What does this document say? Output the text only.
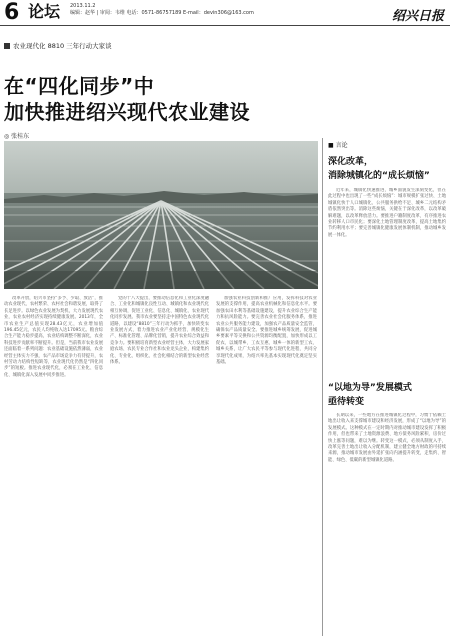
6 论坛 2013.11.2
编辑：赵华 | 审阅：韦维 电话：0571-86757189 E-mail：devin306@163.com	绍兴日报
农业现代化 8810 三年行动大家谈
在“四化同步”中
加快推进绍兴现代农业建设
◎ 张桂东
改革开放，绍兴市坚持“多予、少取、放活”，推动农业现代、农村繁荣、农村社会和谐发展，取得了长足进步。以绿色农业发展为契机，大力发展现代农业，农业农村经济实现持续健康发展。2013年，全市农业生产总值实现28.43亿元，农业增加值196.45亿元，农民人均纯收入达17095元。粮食综合生产能力稳步提高，农业结构调整不断深化，农业科技进步贡献率不断提升。但是，当前我市农业发展还面临着一系列问题：农业基础设施依然薄弱，农业经营主体实力不强，农产品市场竞争力有待提升，农村劳动力结构性短缺等，农业现代化仍然是“四化同步”的短板。推进农业现代化，必须在工业化、信息化、城镇化深入发展中同步推进。
党的十八大提出，要推动信息化和工业化深度融合、工业化和城镇化良性互动、城镇化和农业现代化相互协调，促进工业化、信息化、城镇化、农业现代化同步发展。我市农业要坚持走中国特色农业现代化道路，以建设“8810”三年行动为抓手，加快转变农业发展方式，着力推进农业产业化经营、规模化生产、标准化管理、品牌化营销，提升农业综合效益和竞争力。要积极培育新型农业经营主体，大力发展家庭农场、农民专业合作社和农业龙头企业，构建集约化、专业化、组织化、社会化相结合的新型农业经营体系。
加强农业科技创新和推广应用，发挥科技对农业发展的支撑作用，提高农业机械化和信息化水平。要加强农田水利等基础设施建设，提升农业综合生产能力和抗风险能力。要完善农业社会化服务体系，推进农业公共服务能力建设，加强农产品质量安全监管，确保农产品质量安全。要推进城乡统筹发展，促进城乡要素平等交换和公共资源均衡配置，加快形成以工促农、以城带乡、工农互惠、城乡一体的新型工农、城乡关系，让广大农民平等参与现代化进程、共同分享现代化成果，为绍兴率先基本实现现代化奠定坚实基础。
■ 言论
深化改革，
消除城镇化的“成长烦恼”
近年来，城镇化快速推进，城乡面貌发生深刻变化，但在此过程中也出现了一些“成长烦恼”：城市规模扩张过快、土地城镇化快于人口城镇化、公共服务供给不足、城乡二元结构矛盾依然突出等。消除这些烦恼，关键在于深化改革，以改革破解难题，以改革释放活力。要推进户籍制度改革，有序推进农业转移人口市民化；要深化土地管理制度改革，提高土地集约节约利用水平；要完善城镇化健康发展体制机制，推动城乡发展一体化。
“以地为导”发展模式
亟待转变
长期以来，一些地方在推进城镇化过程中，习惯于依赖土地出让收入来支撑城市建设和经济发展，形成了“以地为导”的发展模式。这种模式在一定时期内对推动城市建设发挥了积极作用，但也带来了土地资源浪费、地方债务风险累积、房价过快上涨等问题，难以为继。转变这一模式，必须从制度入手，改革完善土地出让收入分配机制，建立健全地方财政的可持续来源，推动城市发展由外延扩张向内涵提升转变，走集约、智能、绿色、低碳的新型城镇化道路。
